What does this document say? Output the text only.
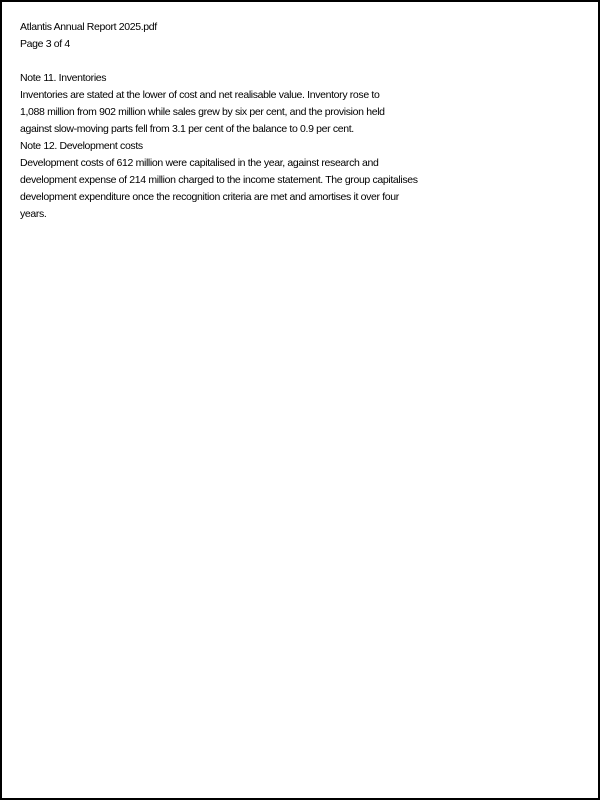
Atlantis Annual Report 2025.pdf
Page 3 of 4
Note 11. Inventories
Inventories are stated at the lower of cost and net realisable value. Inventory rose to
1,088 million from 902 million while sales grew by six per cent, and the provision held
against slow-moving parts fell from 3.1 per cent of the balance to 0.9 per cent.
Note 12. Development costs
Development costs of 612 million were capitalised in the year, against research and
development expense of 214 million charged to the income statement. The group capitalises
development expenditure once the recognition criteria are met and amortises it over four
years.
